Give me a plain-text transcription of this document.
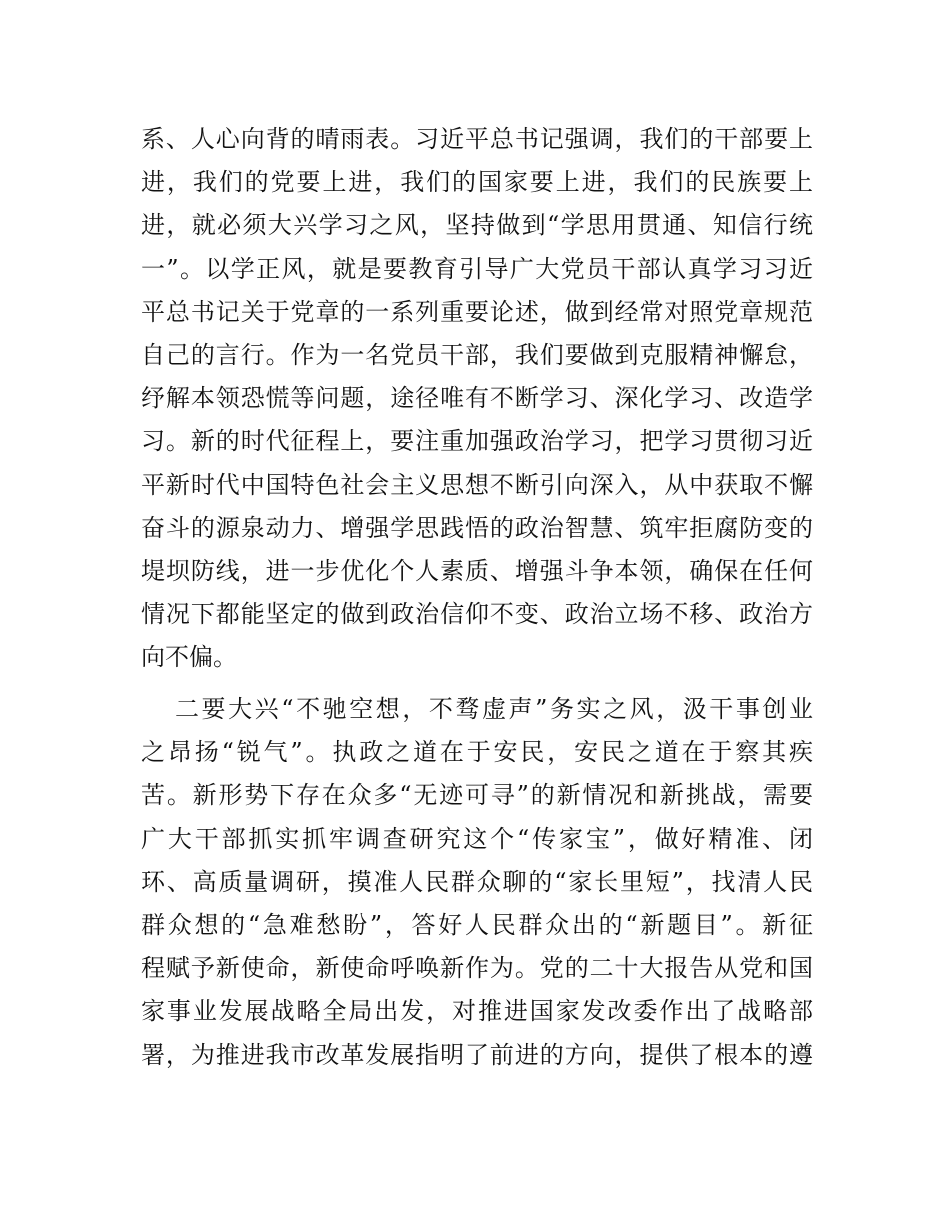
系、人心向背的晴雨表。习近平总书记强调，我们的干部要上
进，我们的党要上进，我们的国家要上进，我们的民族要上
进，就必须大兴学习之风，坚持做到“学思用贯通、知信行统
一”。以学正风，就是要教育引导广大党员干部认真学习习近
平总书记关于党章的一系列重要论述，做到经常对照党章规范
自己的言行。作为一名党员干部，我们要做到克服精神懈怠，
纾解本领恐慌等问题，途径唯有不断学习、深化学习、改造学
习。新的时代征程上，要注重加强政治学习，把学习贯彻习近
平新时代中国特色社会主义思想不断引向深入，从中获取不懈
奋斗的源泉动力、增强学思践悟的政治智慧、筑牢拒腐防变的
堤坝防线，进一步优化个人素质、增强斗争本领，确保在任何
情况下都能坚定的做到政治信仰不变、政治立场不移、政治方
向不偏。
二要大兴“不驰空想，不骛虚声”务实之风，汲干事创业
之昂扬“锐气”。执政之道在于安民，安民之道在于察其疾
苦。新形势下存在众多“无迹可寻”的新情况和新挑战，需要
广大干部抓实抓牢调查研究这个“传家宝”，做好精准、闭
环、高质量调研，摸准人民群众聊的“家长里短”，找清人民
群众想的“急难愁盼”，答好人民群众出的“新题目”。新征
程赋予新使命，新使命呼唤新作为。党的二十大报告从党和国
家事业发展战略全局出发，对推进国家发改委作出了战略部
署，为推进我市改革发展指明了前进的方向，提供了根本的遵
